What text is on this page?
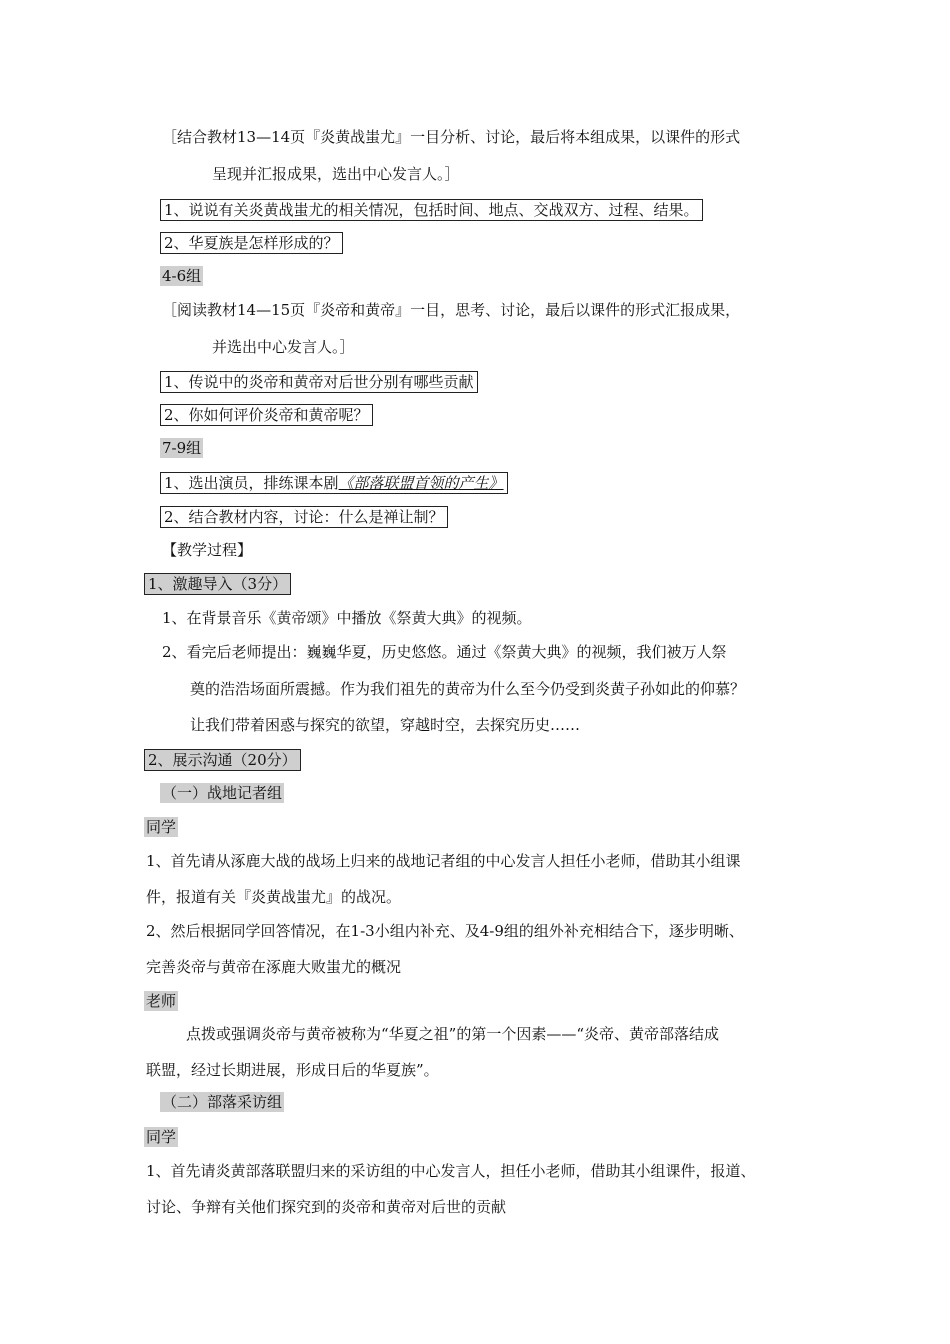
［结合教材13—14页『炎黄战蚩尤』一目分析、讨论，最后将本组成果，以课件的形式
呈现并汇报成果，选出中心发言人。］
1、说说有关炎黄战蚩尤的相关情况，包括时间、地点、交战双方、过程、结果。
2、华夏族是怎样形成的？
4-6组
［阅读教材14—15页『炎帝和黄帝』一目，思考、讨论，最后以课件的形式汇报成果，
并选出中心发言人。］
1、传说中的炎帝和黄帝对后世分别有哪些贡献
2、你如何评价炎帝和黄帝呢？
7-9组
1、选出演员，排练课本剧《部落联盟首领的产生》
2、结合教材内容，讨论：什么是禅让制？
【教学过程】
1、激趣导入（3分）
1、在背景音乐《黄帝颂》中播放《祭黄大典》的视频。
2、看完后老师提出：巍巍华夏，历史悠悠。通过《祭黄大典》的视频，我们被万人祭
奠的浩浩场面所震撼。作为我们祖先的黄帝为什么至今仍受到炎黄子孙如此的仰慕？
让我们带着困惑与探究的欲望，穿越时空，去探究历史……
2、展示沟通（20分）
（一）战地记者组
同学
1、首先请从涿鹿大战的战场上归来的战地记者组的中心发言人担任小老师，借助其小组课
件，报道有关『炎黄战蚩尤』的战况。
2、然后根据同学回答情况，在1-3小组内补充、及4-9组的组外补充相结合下，逐步明晰、
完善炎帝与黄帝在涿鹿大败蚩尤的概况
老师
点拨或强调炎帝与黄帝被称为“华夏之祖”的第一个因素——“炎帝、黄帝部落结成
联盟，经过长期进展，形成日后的华夏族”。
（二）部落采访组
同学
1、首先请炎黄部落联盟归来的采访组的中心发言人，担任小老师，借助其小组课件，报道、
讨论、争辩有关他们探究到的炎帝和黄帝对后世的贡献
